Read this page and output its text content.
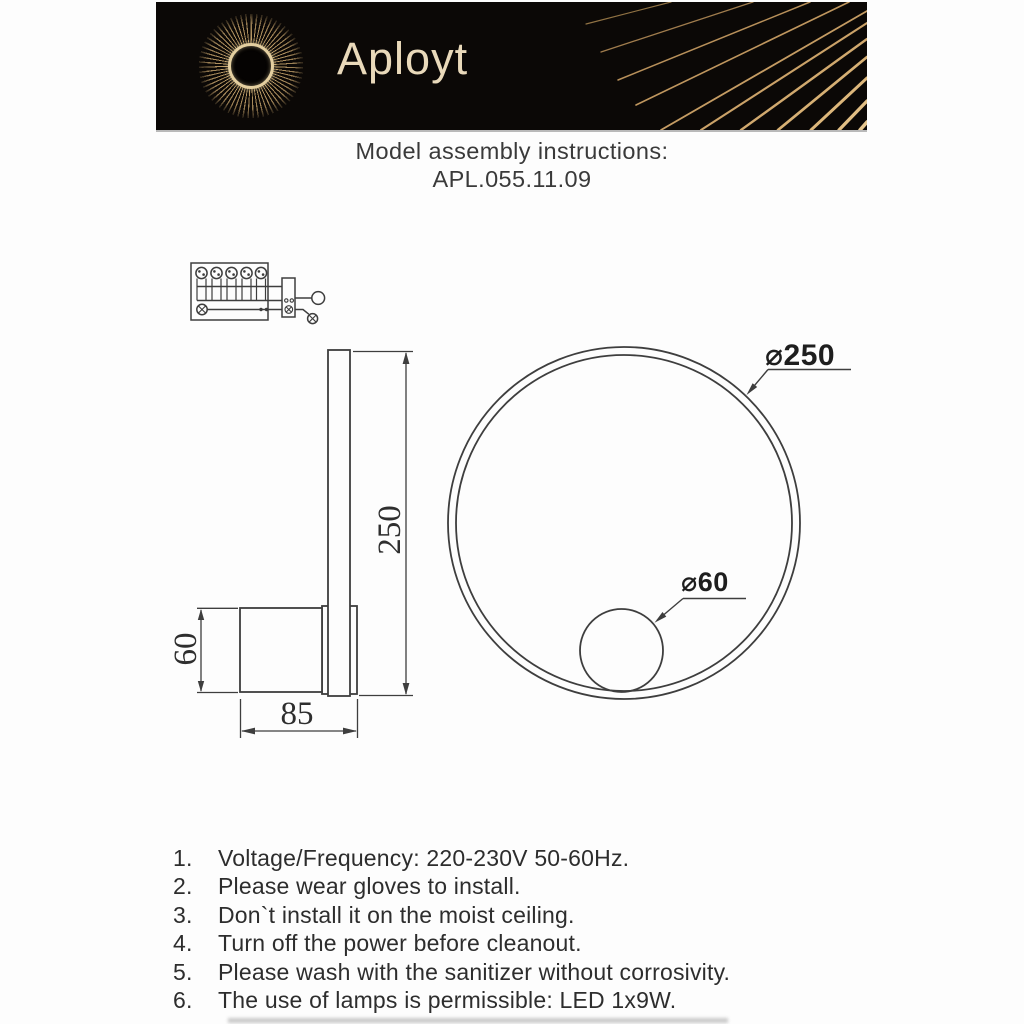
Aployt
Model assembly instructions:
APL.055.11.09
250
60
85
⌀250
⌀60
1.	Voltage/Frequency: 220-230V 50-60Hz.
2.	Please wear gloves to install.
3.	Don`t install it on the moist ceiling.
4.	Turn off the power before cleanout.
5.	Please wash with the sanitizer without corrosivity.
6.	The use of lamps is permissible: LED 1x9W.
